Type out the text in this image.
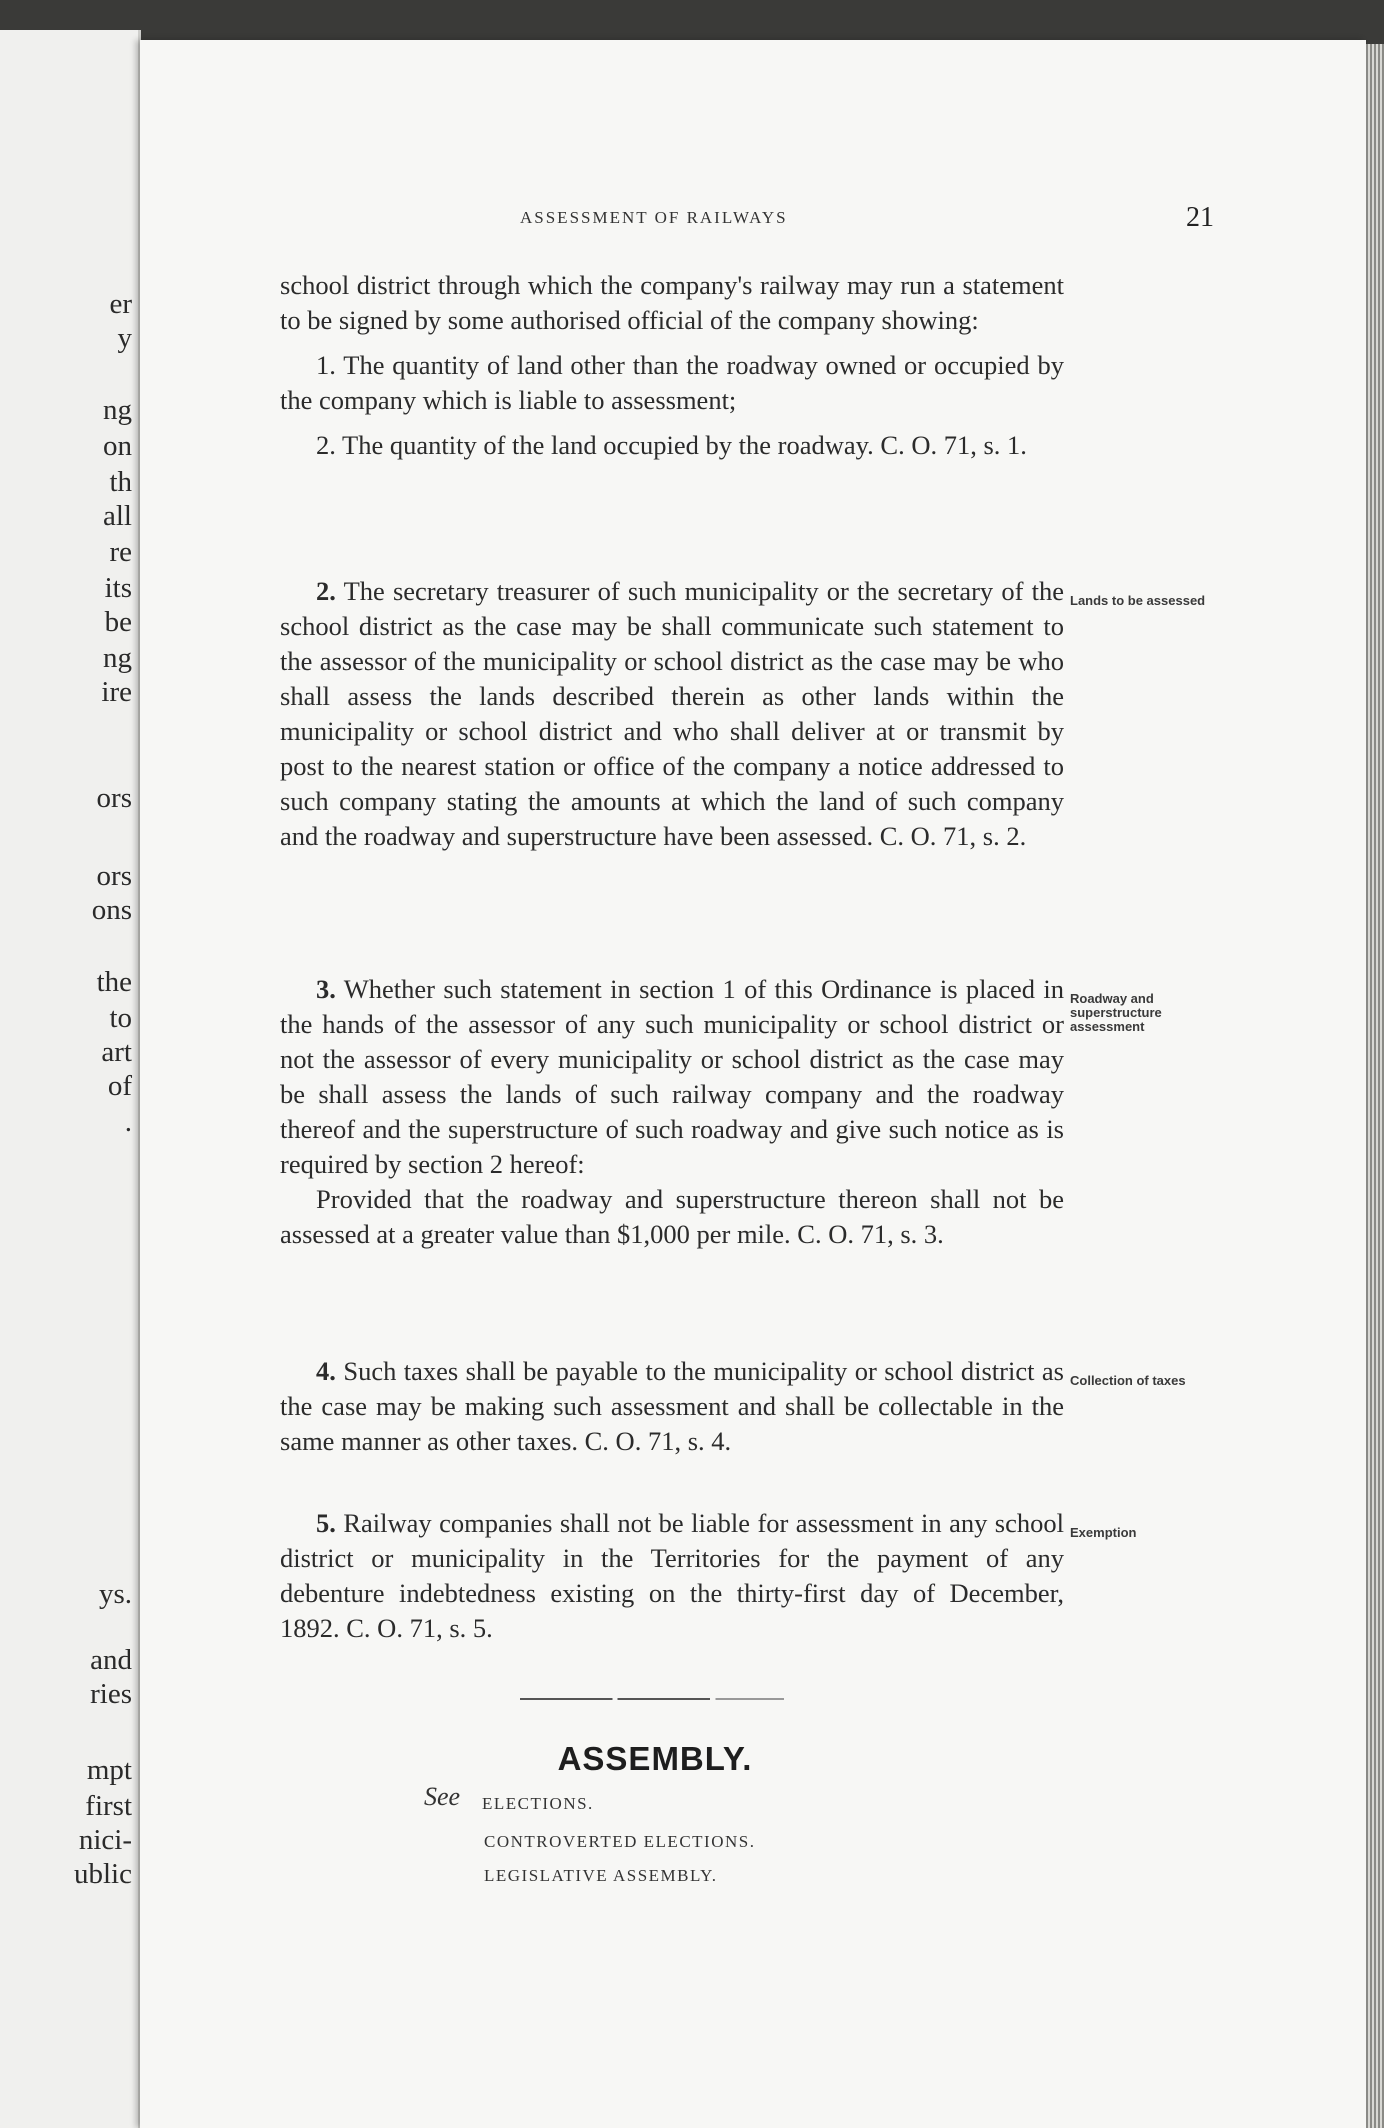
er
y
ng
on
th
all
re
its
be
ng
ire
ors
ors
ons
the
to
art
of
.
ys.
and
ries
mpt
first
nici-
ublic
ASSESSMENT OF RAILWAYS	21

school district through which the company's railway may run a statement to be signed by some authorised official of the company showing:

1. The quantity of land other than the roadway owned or occupied by the company which is liable to assessment;

2. The quantity of the land occupied by the roadway. C. O. 71, s. 1.

2. The secretary treasurer of such municipality or the secretary of the school district as the case may be shall communicate such statement to the assessor of the municipality or school district as the case may be who shall assess the lands described therein as other lands within the municipality or school district and who shall deliver at or transmit by post to the nearest station or office of the company a notice addressed to such company stating the amounts at which the land of such company and the roadway and superstructure have been assessed. C. O. 71, s. 2.

Lands to be assessed

3. Whether such statement in section 1 of this Ordinance is placed in the hands of the assessor of any such municipality or school district or not the assessor of every municipality or school district as the case may be shall assess the lands of such railway company and the roadway thereof and the superstructure of such roadway and give such notice as is required by section 2 hereof:

Provided that the roadway and superstructure thereon shall not be assessed at a greater value than $1,000 per mile. C. O. 71, s. 3.

Roadway and superstructure assessment

4. Such taxes shall be payable to the municipality or school district as the case may be making such assessment and shall be collectable in the same manner as other taxes. C. O. 71, s. 4.

Collection of taxes

5. Railway companies shall not be liable for assessment in any school district or municipality in the Territories for the payment of any debenture indebtedness existing on the thirty-first day of December, 1892. C. O. 71, s. 5.

Exemption
ASSEMBLY.
See ELECTIONS.
CONTROVERTED ELECTIONS.
LEGISLATIVE ASSEMBLY.
